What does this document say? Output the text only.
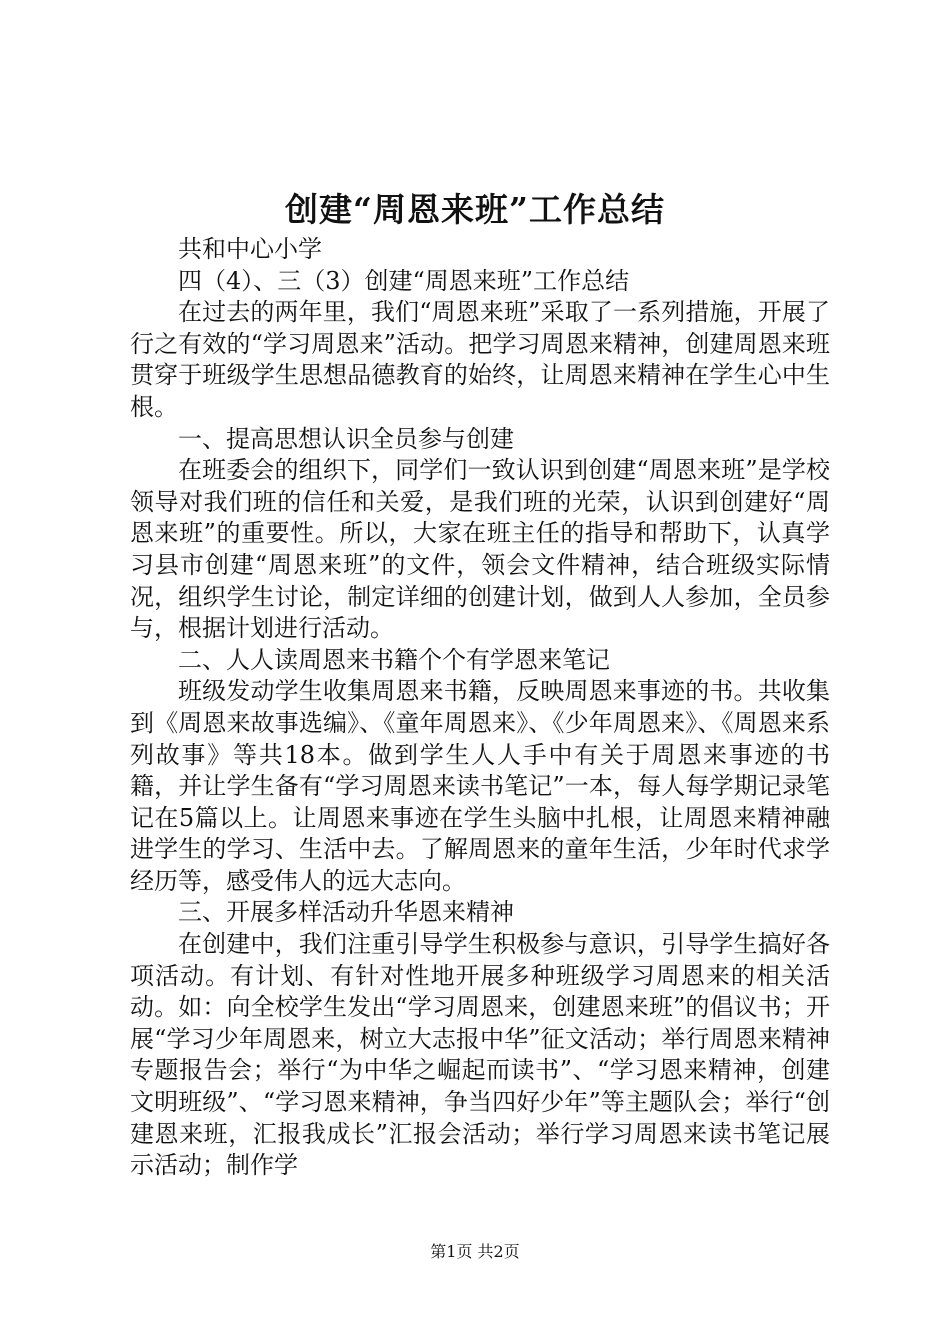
创建“周恩来班”工作总结

共和中心小学

四（4）、三（3）创建“周恩来班”工作总结

在过去的两年里，我们“周恩来班”采取了一系列措施，开展了行之有效的“学习周恩来”活动。把学习周恩来精神，创建周恩来班贯穿于班级学生思想品德教育的始终，让周恩来精神在学生心中生根。

一、提高思想认识全员参与创建

在班委会的组织下，同学们一致认识到创建“周恩来班”是学校领导对我们班的信任和关爱，是我们班的光荣，认识到创建好“周恩来班”的重要性。所以，大家在班主任的指导和帮助下，认真学习县市创建“周恩来班”的文件，领会文件精神，结合班级实际情况，组织学生讨论，制定详细的创建计划，做到人人参加，全员参与，根据计划进行活动。

二、人人读周恩来书籍个个有学恩来笔记

班级发动学生收集周恩来书籍，反映周恩来事迹的书。共收集到《周恩来故事选编》、《童年周恩来》、《少年周恩来》、《周恩来系列故事》等共18本。做到学生人人手中有关于周恩来事迹的书籍，并让学生备有“学习周恩来读书笔记”一本，每人每学期记录笔记在5篇以上。让周恩来事迹在学生头脑中扎根，让周恩来精神融进学生的学习、生活中去。了解周恩来的童年生活，少年时代求学经历等，感受伟人的远大志向。

三、开展多样活动升华恩来精神

在创建中，我们注重引导学生积极参与意识，引导学生搞好各项活动。有计划、有针对性地开展多种班级学习周恩来的相关活动。如：向全校学生发出“学习周恩来，创建恩来班”的倡议书；开展“学习少年周恩来，树立大志报中华”征文活动；举行周恩来精神专题报告会；举行“为中华之崛起而读书”、“学习恩来精神，创建文明班级”、“学习恩来精神，争当四好少年”等主题队会；举行“创建恩来班，汇报我成长”汇报会活动；举行学习周恩来读书笔记展示活动；制作学

第1页 共2页
